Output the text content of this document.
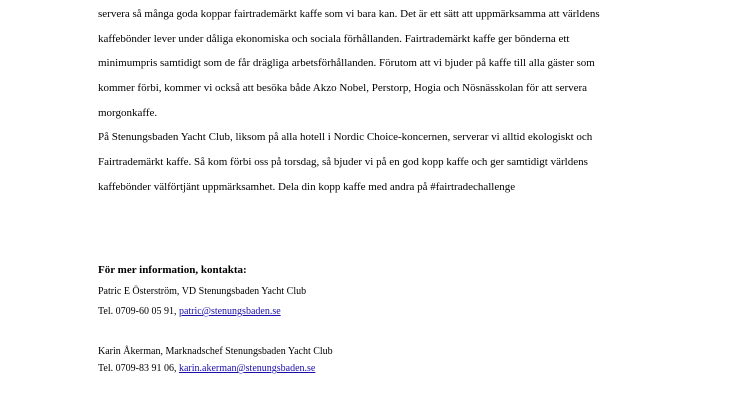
servera så många goda koppar fairtrademärkt kaffe som vi bara kan. Det är ett sätt att uppmärksamma att världens
kaffebönder lever under dåliga ekonomiska och sociala förhållanden. Fairtrademärkt kaffe ger bönderna ett
minimumpris samtidigt som de får drägliga arbetsförhållanden. Förutom att vi bjuder på kaffe till alla gäster som
kommer förbi, kommer vi också att besöka både Akzo Nobel, Perstorp, Hogia och Nösnässkolan för att servera
morgonkaffe.
På Stenungsbaden Yacht Club, liksom på alla hotell i Nordic Choice-koncernen, serverar vi alltid ekologiskt och
Fairtrademärkt kaffe. Så kom förbi oss på torsdag, så bjuder vi på en god kopp kaffe och ger samtidigt världens
kaffebönder välförtjänt uppmärksamhet. Dela din kopp kaffe med andra på #fairtradechallenge
För mer information, kontakta:
Patric E Österström, VD Stenungsbaden Yacht Club
Tel. 0709-60 05 91, patric@stenungsbaden.se
Karin Åkerman, Marknadschef Stenungsbaden Yacht Club
Tel. 0709-83 91 06, karin.akerman@stenungsbaden.se
